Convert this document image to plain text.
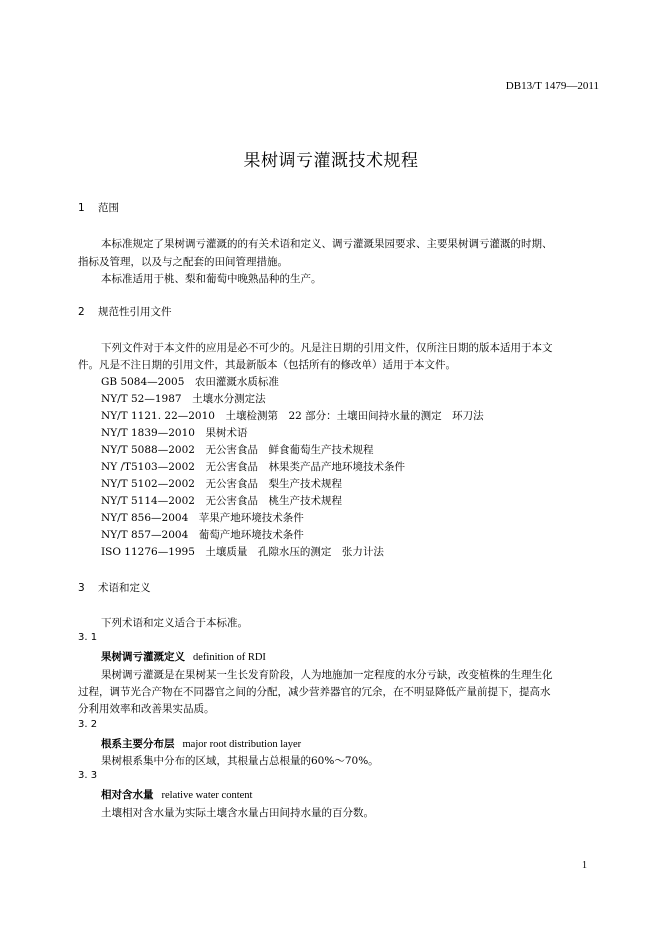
DB13/T 1479—2011
果树调亏灌溉技术规程
1 范围
本标准规定了果树调亏灌溉的的有关术语和定义、调亏灌溉果园要求、主要果树调亏灌溉的时期、
指标及管理，以及与之配套的田间管理措施。
本标准适用于桃、梨和葡萄中晚熟品种的生产。
2 规范性引用文件
下列文件对于本文件的应用是必不可少的。凡是注日期的引用文件，仅所注日期的版本适用于本文
件。凡是不注日期的引用文件，其最新版本（包括所有的修改单）适用于本文件。
GB 5084—2005　农田灌溉水质标准
NY/T 52—1987　土壤水分测定法
NY/T 1121. 22—2010　土壤检测第　22 部分：土壤田间持水量的测定　环刀法
NY/T 1839—2010　果树术语
NY/T 5088—2002　无公害食品　鲜食葡萄生产技术规程
NY /T5103—2002　无公害食品　林果类产品产地环境技术条件
NY/T 5102—2002　无公害食品　梨生产技术规程
NY/T 5114—2002　无公害食品　桃生产技术规程
NY/T 856—2004　苹果产地环境技术条件
NY/T 857—2004　葡萄产地环境技术条件
ISO 11276—1995　土壤质量　孔隙水压的测定　张力计法
3 术语和定义
下列术语和定义适合于本标准。
3. 1
果树调亏灌溉定义 definition of RDI
果树调亏灌溉是在果树某一生长发育阶段，人为地施加一定程度的水分亏缺，改变植株的生理生化
过程，调节光合产物在不同器官之间的分配，减少营养器官的冗余，在不明显降低产量前提下，提高水
分利用效率和改善果实品质。
3. 2
根系主要分布层 major root distribution layer
果树根系集中分布的区域，其根量占总根量的60%～70%。
3. 3
相对含水量 relative water content
土壤相对含水量为实际土壤含水量占田间持水量的百分数。
1
